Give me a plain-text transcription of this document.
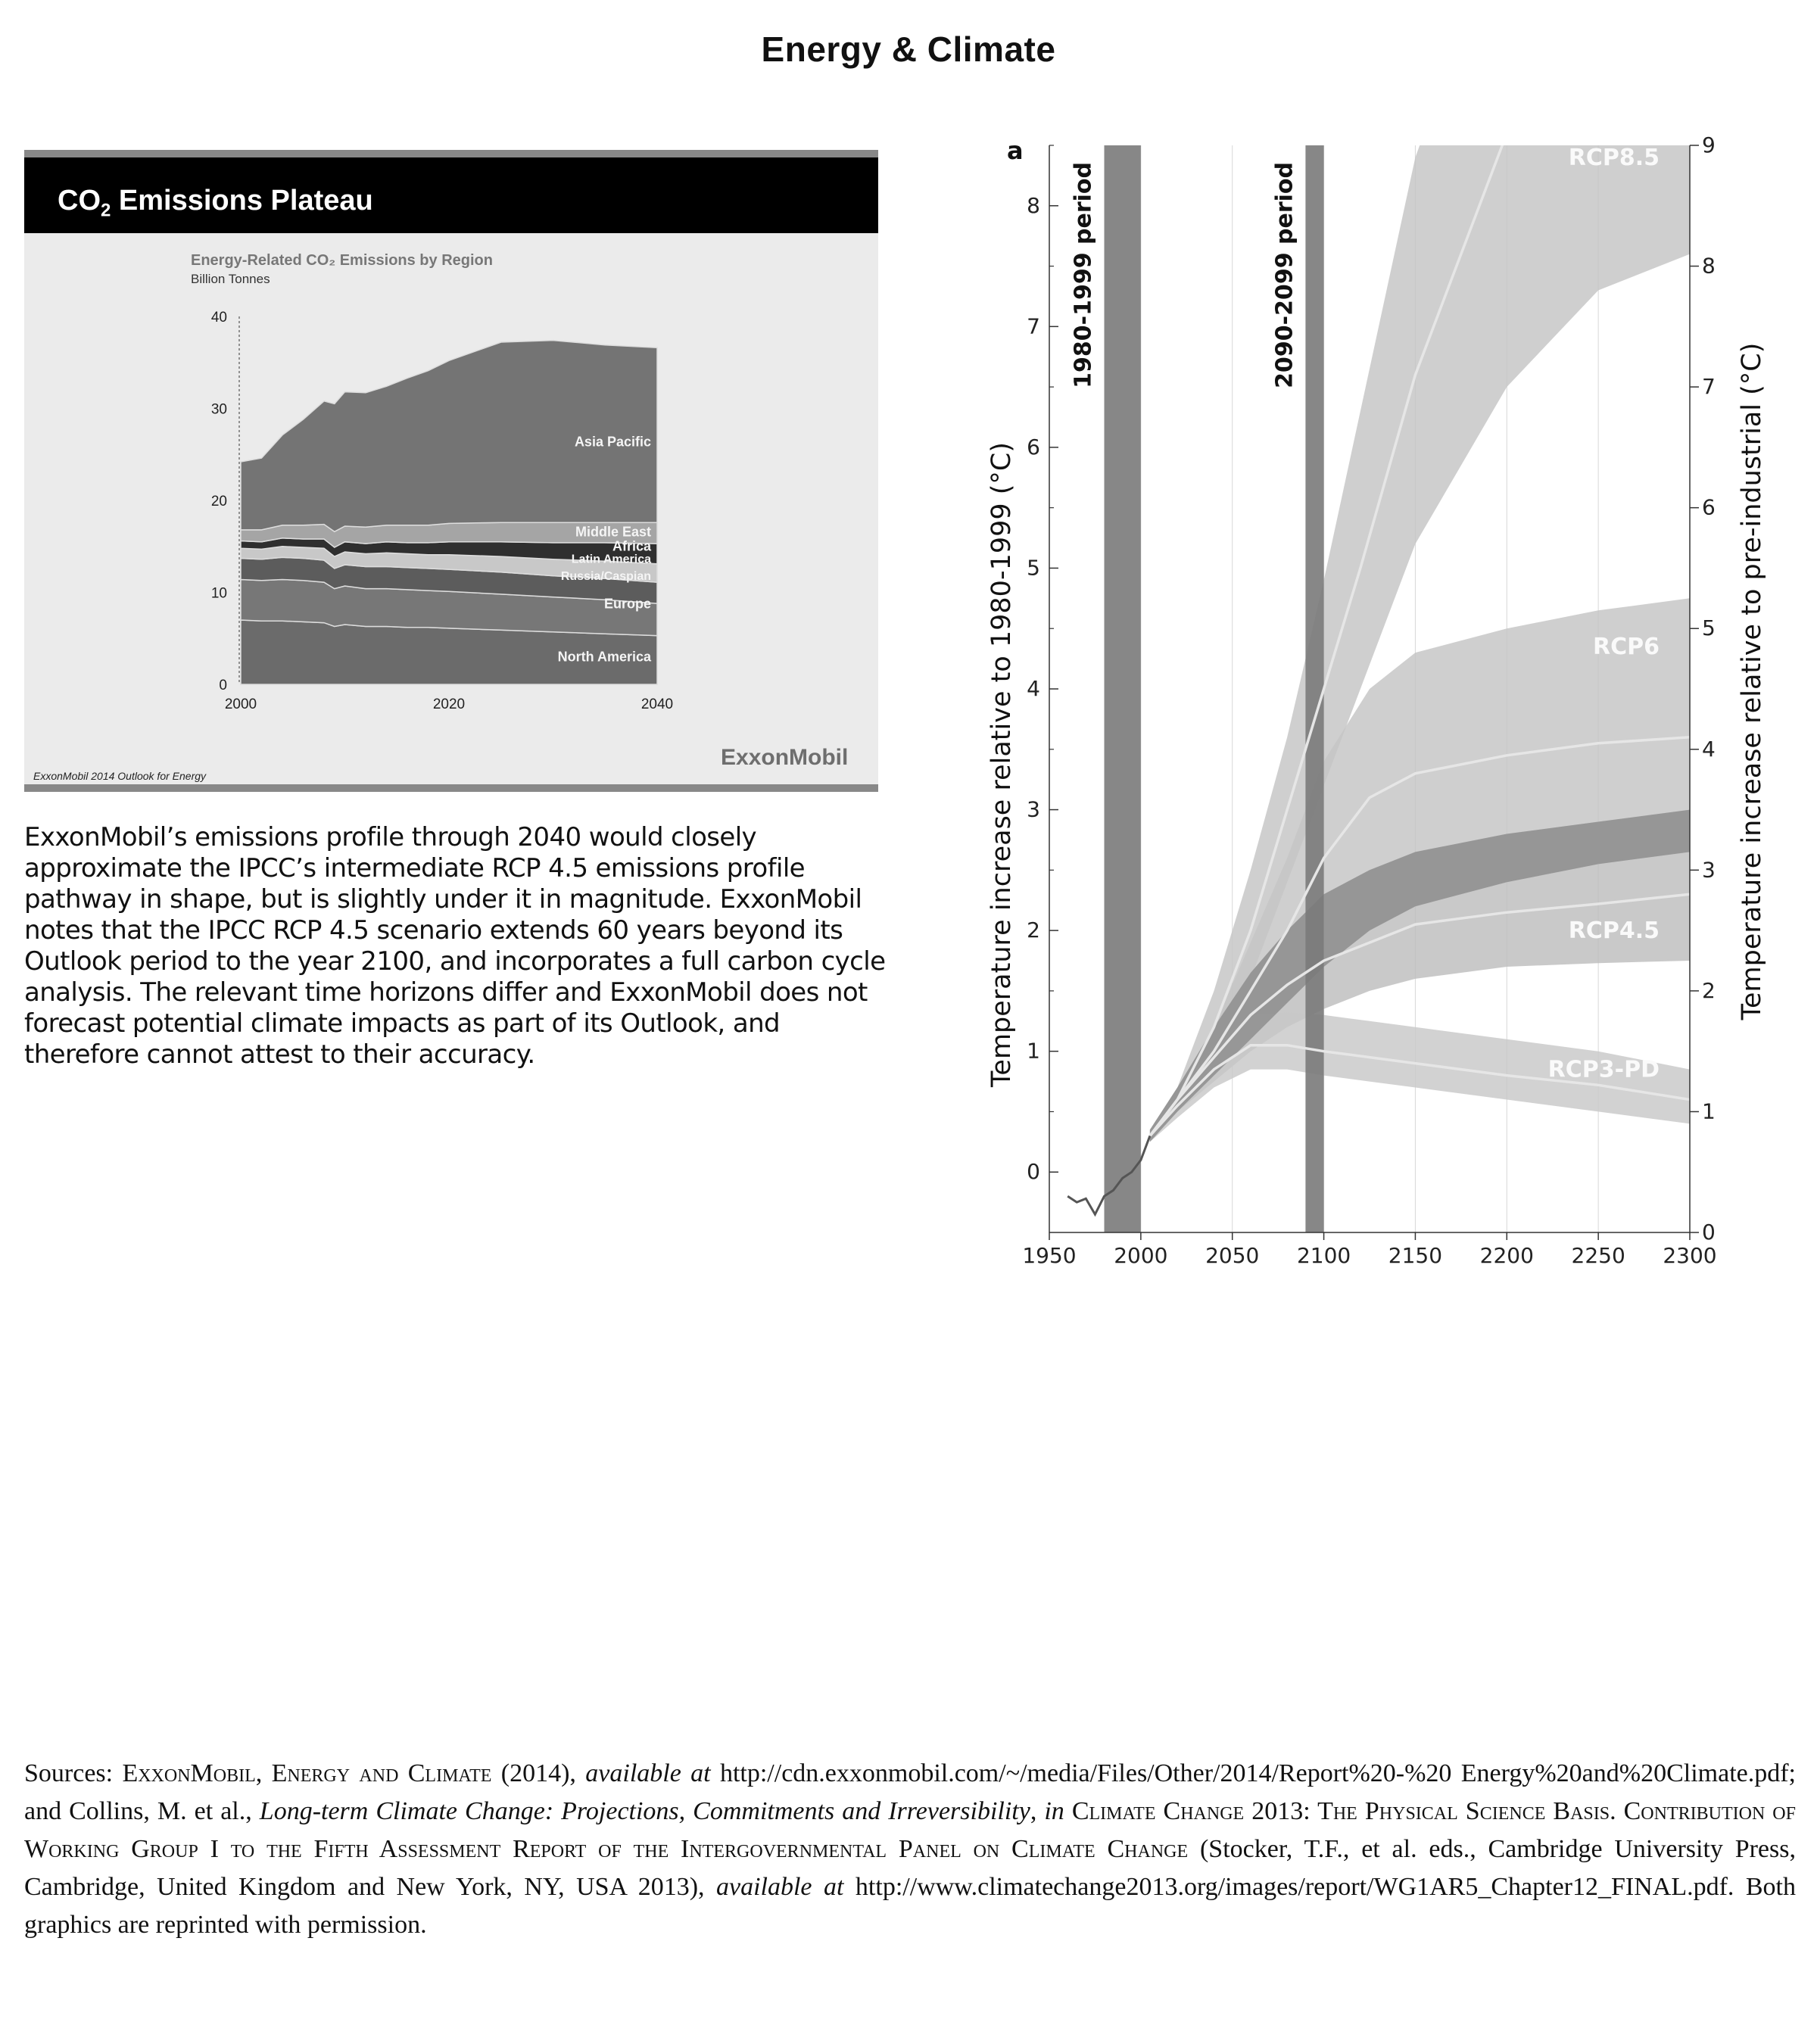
Energy & Climate
$CO_2$ Emissions Plateau
Energy-Related CO₂ Emissions by Region
Billion Tonnes
0
10
20
30
40
2000	2020	2040
North America
Europe
Russia/Caspian
Latin America
Africa
Middle East
Asia Pacific
ExxonMobil 2014 Outlook for Energy
ExxonMobil
ExxonMobil’s emissions profile through 2040 would closely approximate the IPCC’s intermediate RCP 4.5 emissions profile pathway in shape, but is slightly under it in magnitude. ExxonMobil notes that the IPCC RCP 4.5 scenario extends 60 years beyond its Outlook period to the year 2100, and incorporates a full carbon cycle analysis. The relevant time horizons differ and ExxonMobil does not forecast potential climate impacts as part of its Outlook, and therefore cannot attest to their accuracy.
0
1
2
3
4
5
6
7
8
0
1
2
3
4
5
6
7
8
9
1950 2000 2050 2100 2150 2200 2250 2300
a
Temperature increase relative to 1980-1999 (°C)	Temperature increase relative to pre-industrial (°C)
1980-1999 period	2090-2099 period
RCP8.5
RCP6
RCP4.5
RCP3-PD
Sources: ExxonMobil, Energy and Climate (2014), available at http://cdn.exxonmobil.com/~/media/Files/Other/2014/Report%20-%20 Energy%20and%20Climate.pdf; and Collins, M. et al., Long-term Climate Change: Projections, Commitments and Irreversibility, in Climate Change 2013: The Physical Science Basis. Contribution of Working Group I to the Fifth Assessment Report of the Intergovernmental Panel on Climate Change (Stocker, T.F., et al. eds., Cambridge University Press, Cambridge, United Kingdom and New York, NY, USA 2013), available at http://www.climatechange2013.org/images/report/WG1AR5_Chapter12_FINAL.pdf. Both graphics are reprinted with permission.
